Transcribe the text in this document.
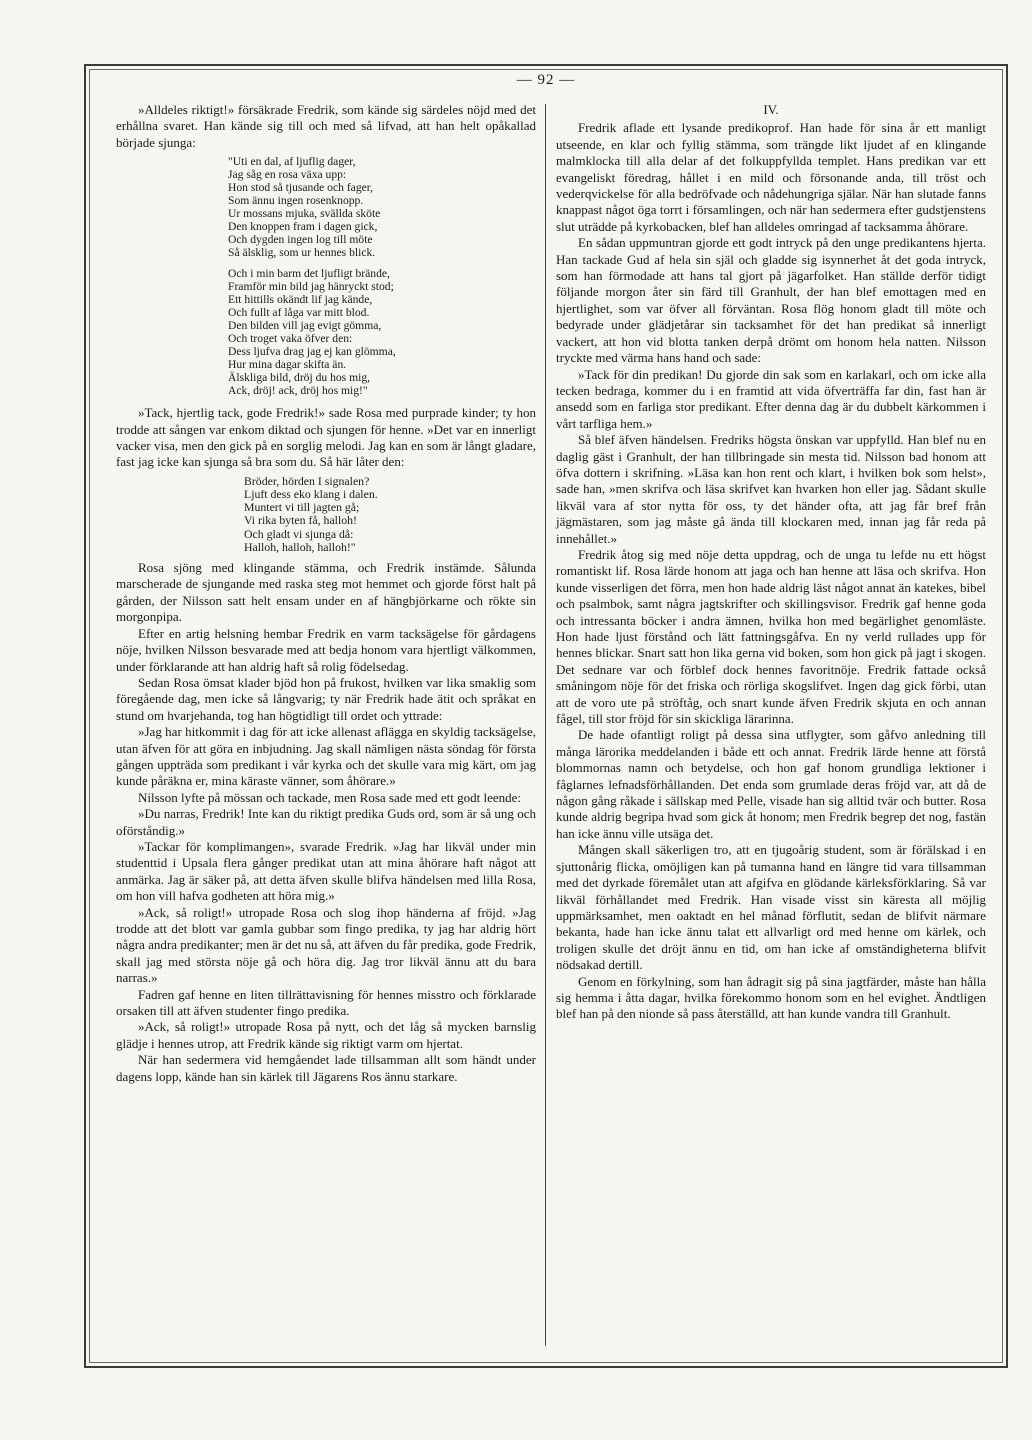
— 92 —

»Alldeles riktigt!» försäkrade Fredrik, som kände sig särdeles nöjd med det erhållna svaret. Han kände sig till och med så lifvad, att han helt opåkallad började sjunga:

"Uti en dal, af ljuflig dager,
Jag såg en rosa växa upp:
Hon stod så tjusande och fager,
Som ännu ingen rosenknopp.
Ur mossans mjuka, svällda sköte
Den knoppen fram i dagen gick,
Och dygden ingen log till möte
Så älsklig, som ur hennes blick.
Och i min barm det ljufligt brände,
Framför min bild jag hänryckt stod;
Ett hittills okändt lif jag kände,
Och fullt af låga var mitt blod.
Den bilden vill jag evigt gömma,
Och troget vaka öfver den:
Dess ljufva drag jag ej kan glömma,
Hur mina dagar skifta än.
Älskliga bild, dröj du hos mig,
Ack, dröj! ack, dröj hos mig!"

»Tack, hjertlig tack, gode Fredrik!» sade Rosa med purprade kinder; ty hon trodde att sången var enkom diktad och sjungen för henne. »Det var en innerligt vacker visa, men den gick på en sorglig melodi. Jag kan en som är långt gladare, fast jag icke kan sjunga så bra som du. Så här låter den:

Bröder, hörden I signalen?
Ljuft dess eko klang i dalen.
Muntert vi till jagten gå;
Vi rika byten få, halloh!
Och gladt vi sjunga då:
Halloh, halloh, halloh!"

Rosa sjöng med klingande stämma, och Fredrik instämde. Sålunda marscherade de sjungande med raska steg mot hemmet och gjorde först halt på gården, der Nilsson satt helt ensam under en af hängbjörkarne och rökte sin morgonpipa.

Efter en artig helsning hembar Fredrik en varm tacksägelse för gårdagens nöje, hvilken Nilsson besvarade med att bedja honom vara hjertligt välkommen, under förklarande att han aldrig haft så rolig födelsedag.

Sedan Rosa ömsat klader bjöd hon på frukost, hvilken var lika smaklig som föregående dag, men icke så långvarig; ty när Fredrik hade ätit och språkat en stund om hvarjehanda, tog han högtidligt till ordet och yttrade:

»Jag har hitkommit i dag för att icke allenast aflägga en skyldig tacksägelse, utan äfven för att göra en inbjudning. Jag skall nämligen nästa söndag för första gången uppträda som predikant i vår kyrka och det skulle vara mig kärt, om jag kunde påräkna er, mina käraste vänner, som åhörare.»

Nilsson lyfte på mössan och tackade, men Rosa sade med ett godt leende:

»Du narras, Fredrik! Inte kan du riktigt predika Guds ord, som är så ung och oförståndig.»

»Tackar för komplimangen», svarade Fredrik. »Jag har likväl under min studenttid i Upsala flera gånger predikat utan att mina åhörare haft något att anmärka. Jag är säker på, att detta äfven skulle blifva händelsen med lilla Rosa, om hon vill hafva godheten att höra mig.»

»Ack, så roligt!» utropade Rosa och slog ihop händerna af fröjd. »Jag trodde att det blott var gamla gubbar som fingo predika, ty jag har aldrig hört några andra predikanter; men är det nu så, att äfven du får predika, gode Fredrik, skall jag med största nöje gå och höra dig. Jag tror likväl ännu att du bara narras.»

Fadren gaf henne en liten tillrättavisning för hennes misstro och förklarade orsaken till att äfven studenter fingo predika.

»Ack, så roligt!» utropade Rosa på nytt, och det låg så mycken barnslig glädje i hennes utrop, att Fredrik kände sig riktigt varm om hjertat.

När han sedermera vid hemgåendet lade tillsamman allt som händt under dagens lopp, kände han sin kärlek till Jägarens Ros ännu starkare.

IV.

Fredrik aflade ett lysande predikoprof. Han hade för sina år ett manligt utseende, en klar och fyllig stämma, som trängde likt ljudet af en klingande malmklocka till alla delar af det folkuppfyllda templet. Hans predikan var ett evangeliskt föredrag, hållet i en mild och försonande anda, till tröst och vederqvickelse för alla bedröfvade och nådehungriga själar. När han slutade fanns knappast något öga torrt i församlingen, och när han sedermera efter gudstjenstens slut uträdde på kyrkobacken, blef han alldeles omringad af tacksamma åhörare.

En sådan uppmuntran gjorde ett godt intryck på den unge predikantens hjerta. Han tackade Gud af hela sin själ och gladde sig isynnerhet åt det goda intryck, som han förmodade att hans tal gjort på jägarfolket. Han ställde derför tidigt följande morgon åter sin färd till Granhult, der han blef emottagen med en hjertlighet, som var öfver all förväntan. Rosa flög honom gladt till möte och bedyrade under glädjetårar sin tacksamhet för det han predikat så innerligt vackert, att hon vid blotta tanken derpå drömt om honom hela natten. Nilsson tryckte med värma hans hand och sade:

»Tack för din predikan! Du gjorde din sak som en karlakarl, och om icke alla tecken bedraga, kommer du i en framtid att vida öfverträffa far din, fast han är ansedd som en farliga stor predikant. Efter denna dag är du dubbelt kärkommen i vårt tarfliga hem.»

Så blef äfven händelsen. Fredriks högsta önskan var uppfylld. Han blef nu en daglig gäst i Granhult, der han tillbringade sin mesta tid. Nilsson bad honom att öfva dottern i skrifning. »Läsa kan hon rent och klart, i hvilken bok som helst», sade han, »men skrifva och läsa skrifvet kan hvarken hon eller jag. Sådant skulle likväl vara af stor nytta för oss, ty det händer ofta, att jag får bref från jägmästaren, som jag måste gå ända till klockaren med, innan jag får reda på innehållet.»

Fredrik åtog sig med nöje detta uppdrag, och de unga tu lefde nu ett högst romantiskt lif. Rosa lärde honom att jaga och han henne att läsa och skrifva. Hon kunde visserligen det förra, men hon hade aldrig läst något annat än katekes, bibel och psalmbok, samt några jagtskrifter och skillingsvisor. Fredrik gaf henne goda och intressanta böcker i andra ämnen, hvilka hon med begärlighet genomläste. Hon hade ljust förstånd och lätt fattningsgåfva. En ny verld rullades upp för hennes blickar. Snart satt hon lika gerna vid boken, som hon gick på jagt i skogen. Det sednare var och förblef dock hennes favoritnöje. Fredrik fattade också småningom nöje för det friska och rörliga skogslifvet. Ingen dag gick förbi, utan att de voro ute på ströftåg, och snart kunde äfven Fredrik skjuta en och annan fågel, till stor fröjd för sin skickliga lärarinna.

De hade ofantligt roligt på dessa sina utflygter, som gåfvo anledning till många lärorika meddelanden i både ett och annat. Fredrik lärde henne att förstå blommornas namn och betydelse, och hon gaf honom grundliga lektioner i fåglarnes lefnadsförhållanden. Det enda som grumlade deras fröjd var, att då de någon gång råkade i sällskap med Pelle, visade han sig alltid tvär och butter. Rosa kunde aldrig begripa hvad som gick åt honom; men Fredrik begrep det nog, fastän han icke ännu ville utsäga det.

Mången skall säkerligen tro, att en tjugoårig student, som är förälskad i en sjuttonårig flicka, omöjligen kan på tumanna hand en längre tid vara tillsamman med det dyrkade föremålet utan att afgifva en glödande kärleksförklaring. Så var likväl förhållandet med Fredrik. Han visade visst sin käresta all möjlig uppmärksamhet, men oaktadt en hel månad förflutit, sedan de blifvit närmare bekanta, hade han icke ännu talat ett allvarligt ord med henne om kärlek, och troligen skulle det dröjt ännu en tid, om han icke af omständigheterna blifvit nödsakad dertill.

Genom en förkylning, som han ådragit sig på sina jagtfärder, måste han hålla sig hemma i åtta dagar, hvilka förekommo honom som en hel evighet. Ändtligen blef han på den nionde så pass återställd, att han kunde vandra till Granhult.
